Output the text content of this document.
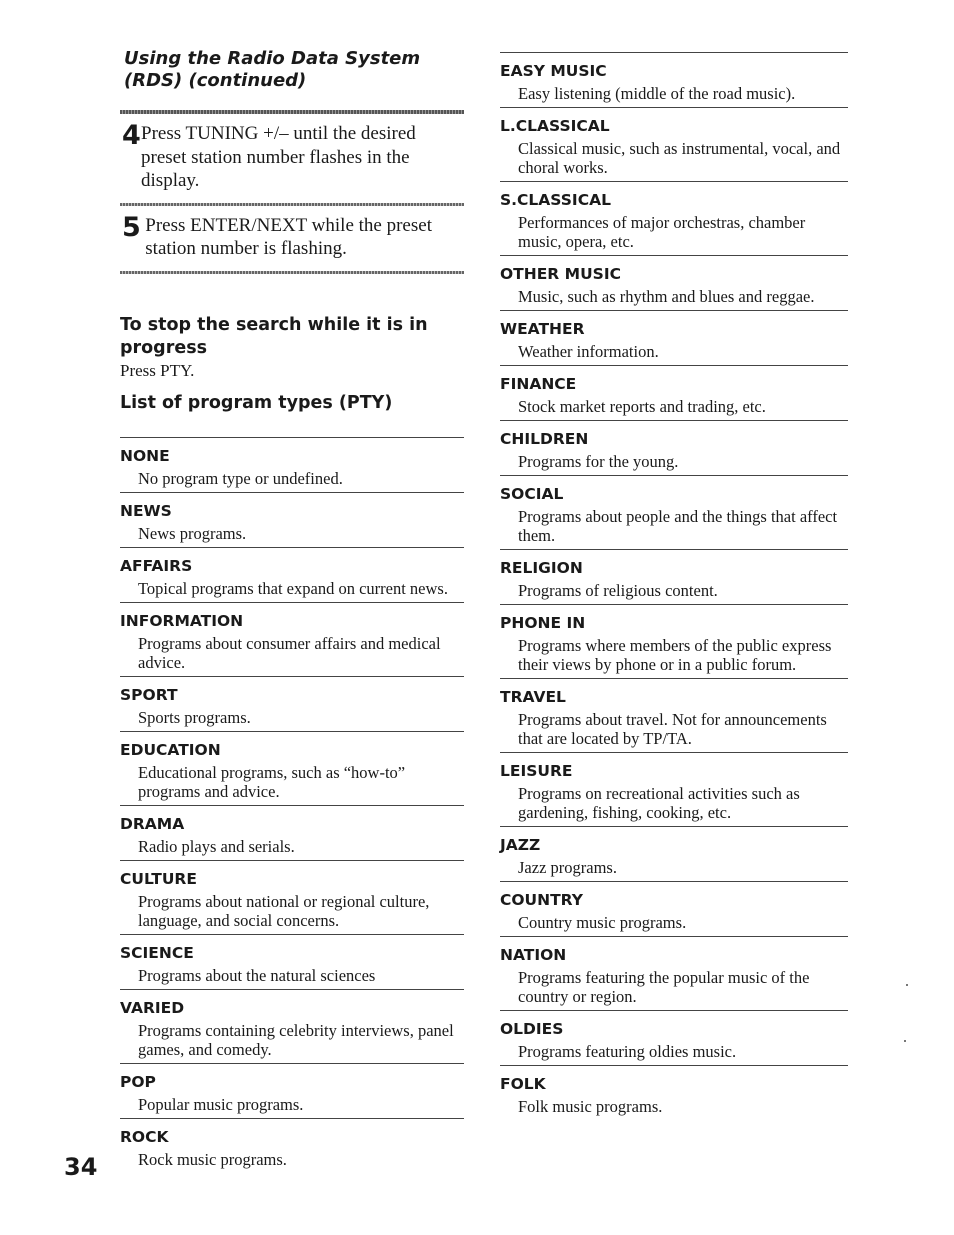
Using the Radio Data System (RDS) (continued)
4 Press TUNING +/– until the desired preset station number flashes in the display.
5 Press ENTER/NEXT while the preset station number is flashing.
To stop the search while it is in progress
Press PTY.
List of program types (PTY)
NONE
No program type or undefined.
NEWS
News programs.
AFFAIRS
Topical programs that expand on current news.
INFORMATION
Programs about consumer affairs and medical advice.
SPORT
Sports programs.
EDUCATION
Educational programs, such as “how-to” programs and advice.
DRAMA
Radio plays and serials.
CULTURE
Programs about national or regional culture, language, and social concerns.
SCIENCE
Programs about the natural sciences
VARIED
Programs containing celebrity interviews, panel games, and comedy.
POP
Popular music programs.
ROCK
Rock music programs.
EASY MUSIC
Easy listening (middle of the road music).
L.CLASSICAL
Classical music, such as instrumental, vocal, and choral works.
S.CLASSICAL
Performances of major orchestras, chamber music, opera, etc.
OTHER MUSIC
Music, such as rhythm and blues and reggae.
WEATHER
Weather information.
FINANCE
Stock market reports and trading, etc.
CHILDREN
Programs for the young.
SOCIAL
Programs about people and the things that affect them.
RELIGION
Programs of religious content.
PHONE IN
Programs where members of the public express their views by phone or in a public forum.
TRAVEL
Programs about travel. Not for announcements that are located by TP/TA.
LEISURE
Programs on recreational activities such as gardening, fishing, cooking, etc.
JAZZ
Jazz programs.
COUNTRY
Country music programs.
NATION
Programs featuring the popular music of the country or region.
OLDIES
Programs featuring oldies music.
FOLK
Folk music programs.
34
